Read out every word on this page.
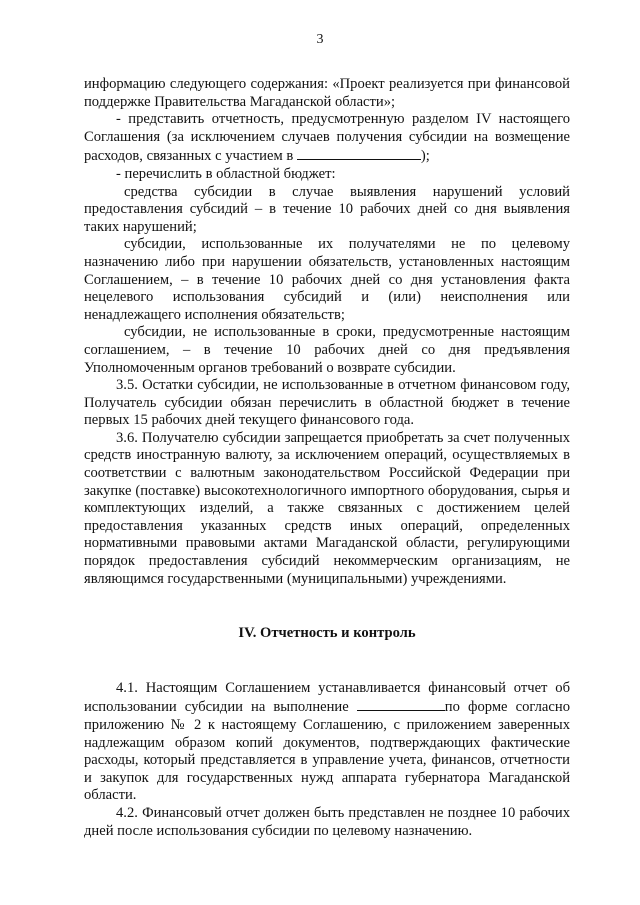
3

информацию следующего содержания: «Проект реализуется при финансовой поддержке Правительства Магаданской области»;

- представить отчетность, предусмотренную разделом IV настоящего Соглашения (за исключением случаев получения субсидии на возмещение расходов, связанных с участием в	);

- перечислить в областной бюджет:

средства субсидии в случае выявления нарушений условий предоставления субсидий – в течение 10 рабочих дней со дня выявления таких нарушений;

субсидии, использованные их получателями не по целевому назначению либо при нарушении обязательств, установленных настоящим Соглашением, – в течение 10 рабочих дней со дня установления факта нецелевого использования субсидий и (или) неисполнения или ненадлежащего исполнения обязательств;

субсидии, не использованные в сроки, предусмотренные настоящим соглашением, – в течение 10 рабочих дней со дня предъявления Уполномоченным органов требований о возврате субсидии.

3.5. Остатки субсидии, не использованные в отчетном финансовом году, Получатель субсидии обязан перечислить в областной бюджет в течение первых 15 рабочих дней текущего финансового года.

3.6. Получателю субсидии запрещается приобретать за счет полученных средств иностранную валюту, за исключением операций, осуществляемых в соответствии с валютным законодательством Российской Федерации при закупке (поставке) высокотехнологичного импортного оборудования, сырья и комплектующих изделий, а также связанных с достижением целей предоставления указанных средств иных операций, определенных нормативными правовыми актами Магаданской области, регулирующими порядок предоставления субсидий некоммерческим организациям, не являющимся государственными (муниципальными) учреждениями.

IV. Отчетность и контроль

4.1. Настоящим Соглашением устанавливается финансовый отчет об использовании субсидии на выполнение	по форме согласно приложению № 2 к настоящему Соглашению, с приложением заверенных надлежащим образом копий документов, подтверждающих фактические расходы, который представляется в управление учета, финансов, отчетности и закупок для государственных нужд аппарата губернатора Магаданской области.

4.2. Финансовый отчет должен быть представлен не позднее 10 рабочих дней после использования субсидии по целевому назначению.
